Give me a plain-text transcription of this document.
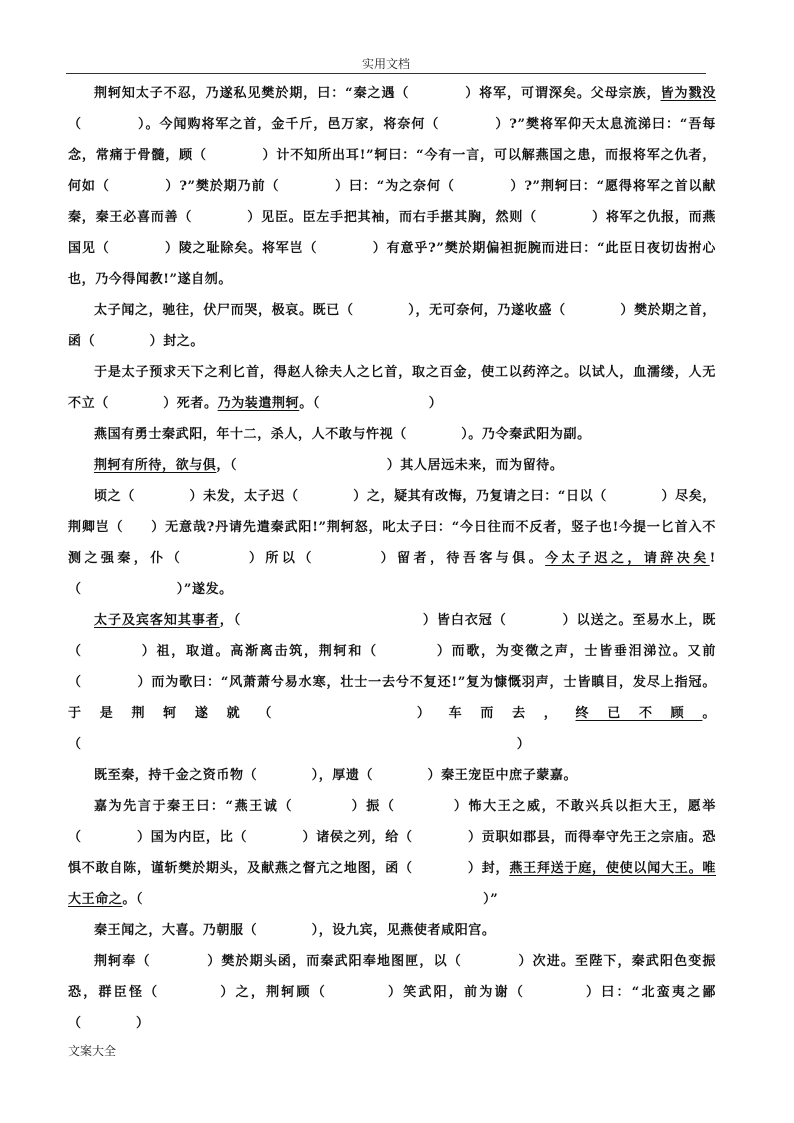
实用文档

荆轲知太子不忍，乃遂私见樊於期，曰：“秦之遇（　　　　）将军，可谓深矣。父母宗族，皆为戮没（　　　　）。今闻购将军之首，金千斤，邑万家，将奈何（　　　　）?”樊将军仰天太息流涕曰：“吾每念，常痛于骨髓，顾（　　　　）计不知所出耳!”轲曰：“今有一言，可以解燕国之患，而报将军之仇者，何如（　　　　）?”樊於期乃前（　　　　）曰：“为之奈何（　　　　）?”荆轲曰：“愿得将军之首以献秦，秦王必喜而善（　　　　）见臣。臣左手把其袖，而右手揕其胸，然则（　　　　）将军之仇报，而燕国见（　　　　）陵之耻除矣。将军岂（　　　　）有意乎?”樊於期偏袒扼腕而进曰：“此臣日夜切齿拊心也，乃今得闻教!”遂自刎。

太子闻之，驰往，伏尸而哭，极哀。既已（　　　　），无可奈何，乃遂收盛（　　　　）樊於期之首，函（　　　　）封之。

于是太子预求天下之利匕首，得赵人徐夫人之匕首，取之百金，使工以药淬之。以试人，血濡缕，人无不立（　　　　）死者。乃为装遣荆轲。（　　　　　　　　）

燕国有勇士秦武阳，年十二，杀人，人不敢与忤视（　　　　）。乃令秦武阳为副。

荆轲有所待，欲与俱，（　　　　　　　　　　　）其人居远未来，而为留待。

顷之（　　　　）未发，太子迟（　　　　）之，疑其有改悔，乃复请之曰：“日以（　　　　）尽矣，荆卿岂（　　）无意哉?丹请先遣秦武阳!”荆轲怒，叱太子曰：“今日往而不反者，竖子也!今提一匕首入不测之强秦，仆（　　　　）所以（　　　　）留者，待吾客与俱。今太子迟之，请辞决矣!（　　　　　　　）”遂发。

太子及宾客知其事者，（　　　　　　　　　　　　　）皆白衣冠（　　　　）以送之。至易水上，既（　　　　）祖，取道。高渐离击筑，荆轲和（　　　　）而歌，为变徵之声，士皆垂泪涕泣。又前（　　　　）而为歌曰：“风萧萧兮易水寒，壮士一去兮不复还!”复为慷慨羽声，士皆瞋目，发尽上指冠。于是荆轲遂就（　　　　）车而去，终已不顾。（　　　　　　　　　　　　　　　　　　　　　　　　　　　　　　　　）

既至秦，持千金之资币物（　　　　），厚遗（　　　　）秦王宠臣中庶子蒙嘉。

嘉为先言于秦王曰：“燕王诚（　　　　）振（　　　　）怖大王之威，不敢兴兵以拒大王，愿举（　　　　）国为内臣，比（　　　　）诸侯之列，给（　　　　）贡职如郡县，而得奉守先王之宗庙。恐惧不敢自陈，谨斩樊於期头，及献燕之督亢之地图，函（　　　　）封，燕王拜送于庭，使使以闻大王。唯大王命之。（　　　　　　　　　　　　　　　　　　　　　　　　　）”

秦王闻之，大喜。乃朝服（　　　　），设九宾，见燕使者咸阳宫。

荆轲奉（　　　　）樊於期头函，而秦武阳奉地图匣，以（　　　　）次进。至陛下，秦武阳色变振恐，群臣怪（　　　　）之，荆轲顾（　　　　）笑武阳，前为谢（　　　　）曰：“北蛮夷之鄙（　　　　）

文案大全
